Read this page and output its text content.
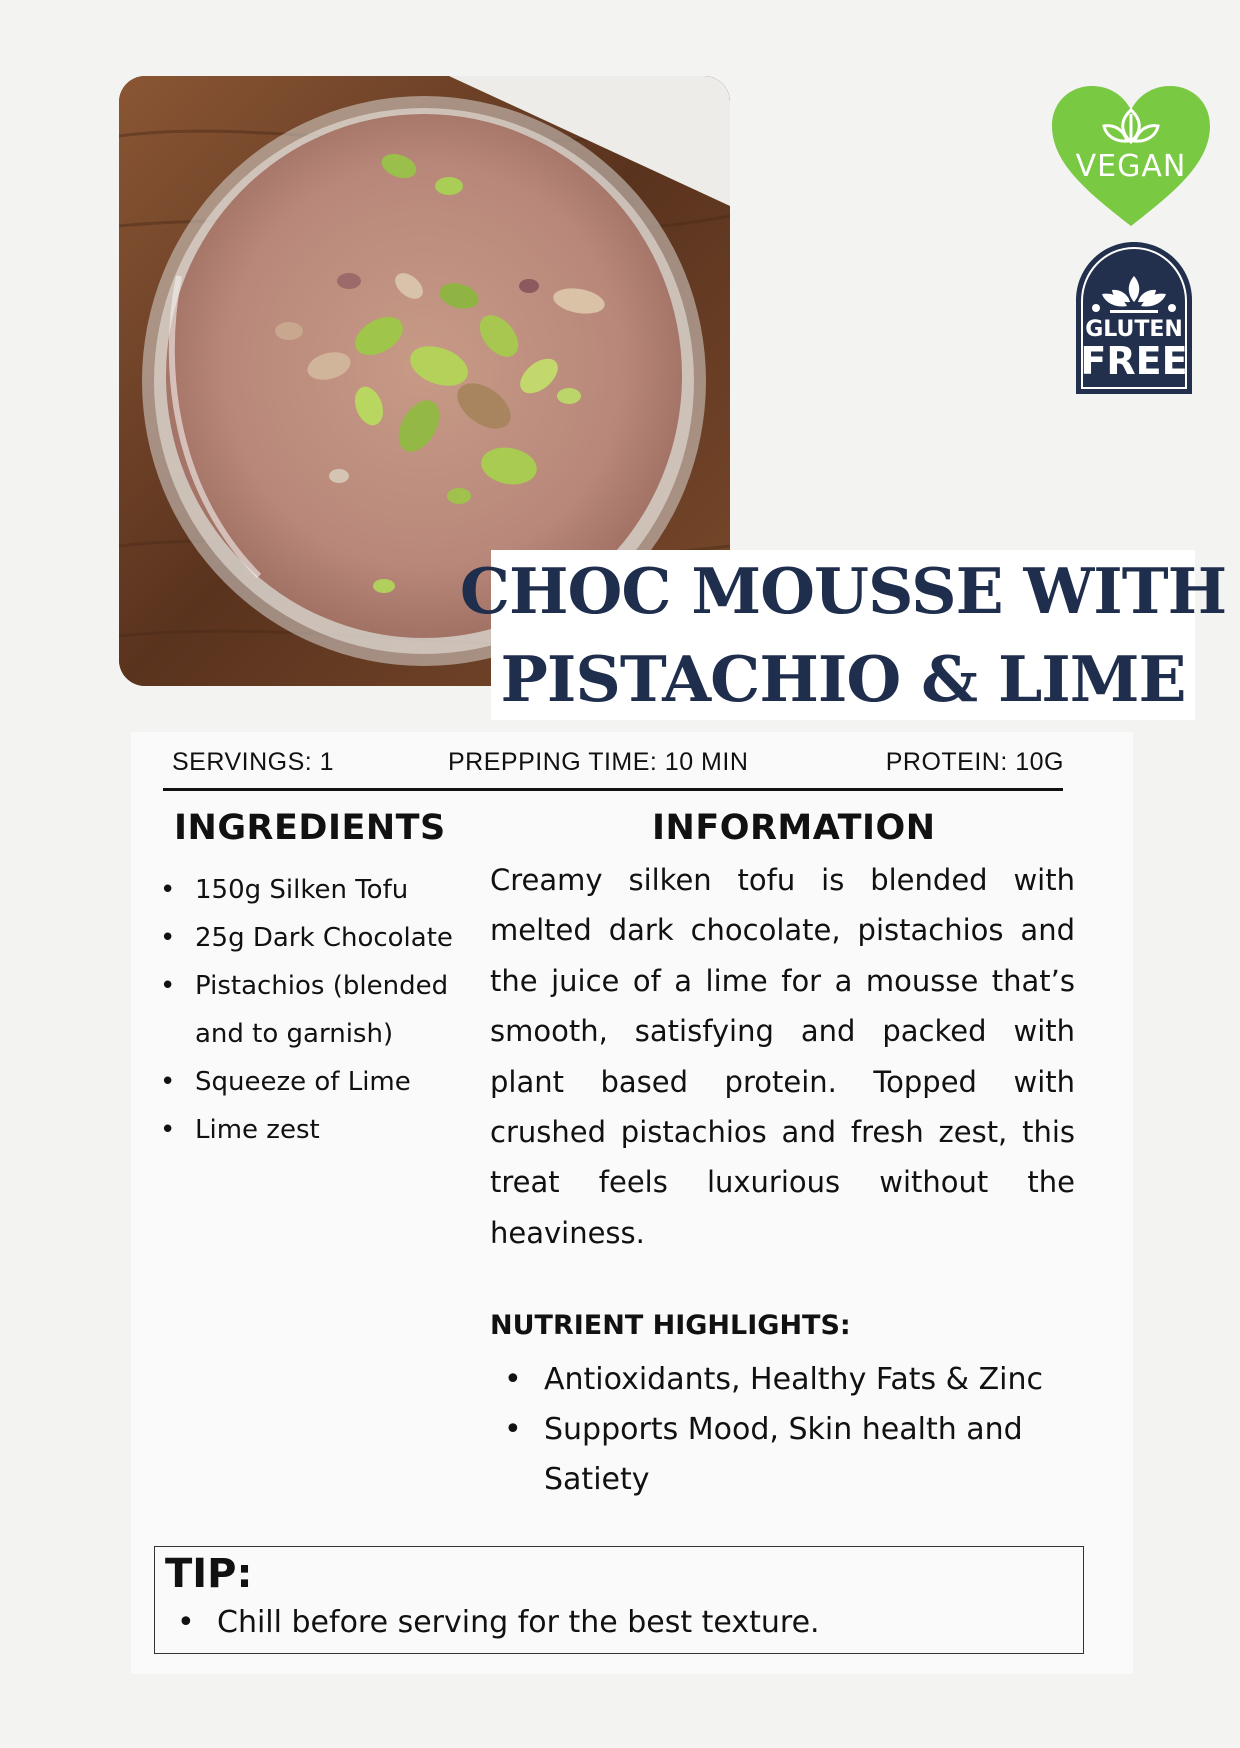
VEGAN
GLUTEN
FREE
CHOC MOUSSE WITH
PISTACHIO & LIME
SERVINGS: 1	PREPPING TIME: 10 MIN	PROTEIN: 10G
INGREDIENTS
• 150g Silken Tofu
• 25g Dark Chocolate
• Pistachios (blended and to garnish)
• Squeeze of Lime
• Lime zest
INFORMATION

Creamy silken tofu is blended with melted dark chocolate, pistachios and the juice of a lime for a mousse that’s smooth, satisfying and packed with plant based protein. Topped with crushed pistachios and fresh zest, this treat feels luxurious without the heaviness.

NUTRIENT HIGHLIGHTS:
• Antioxidants, Healthy Fats & Zinc
• Supports Mood, Skin health and Satiety
TIP:
• Chill before serving for the best texture.
